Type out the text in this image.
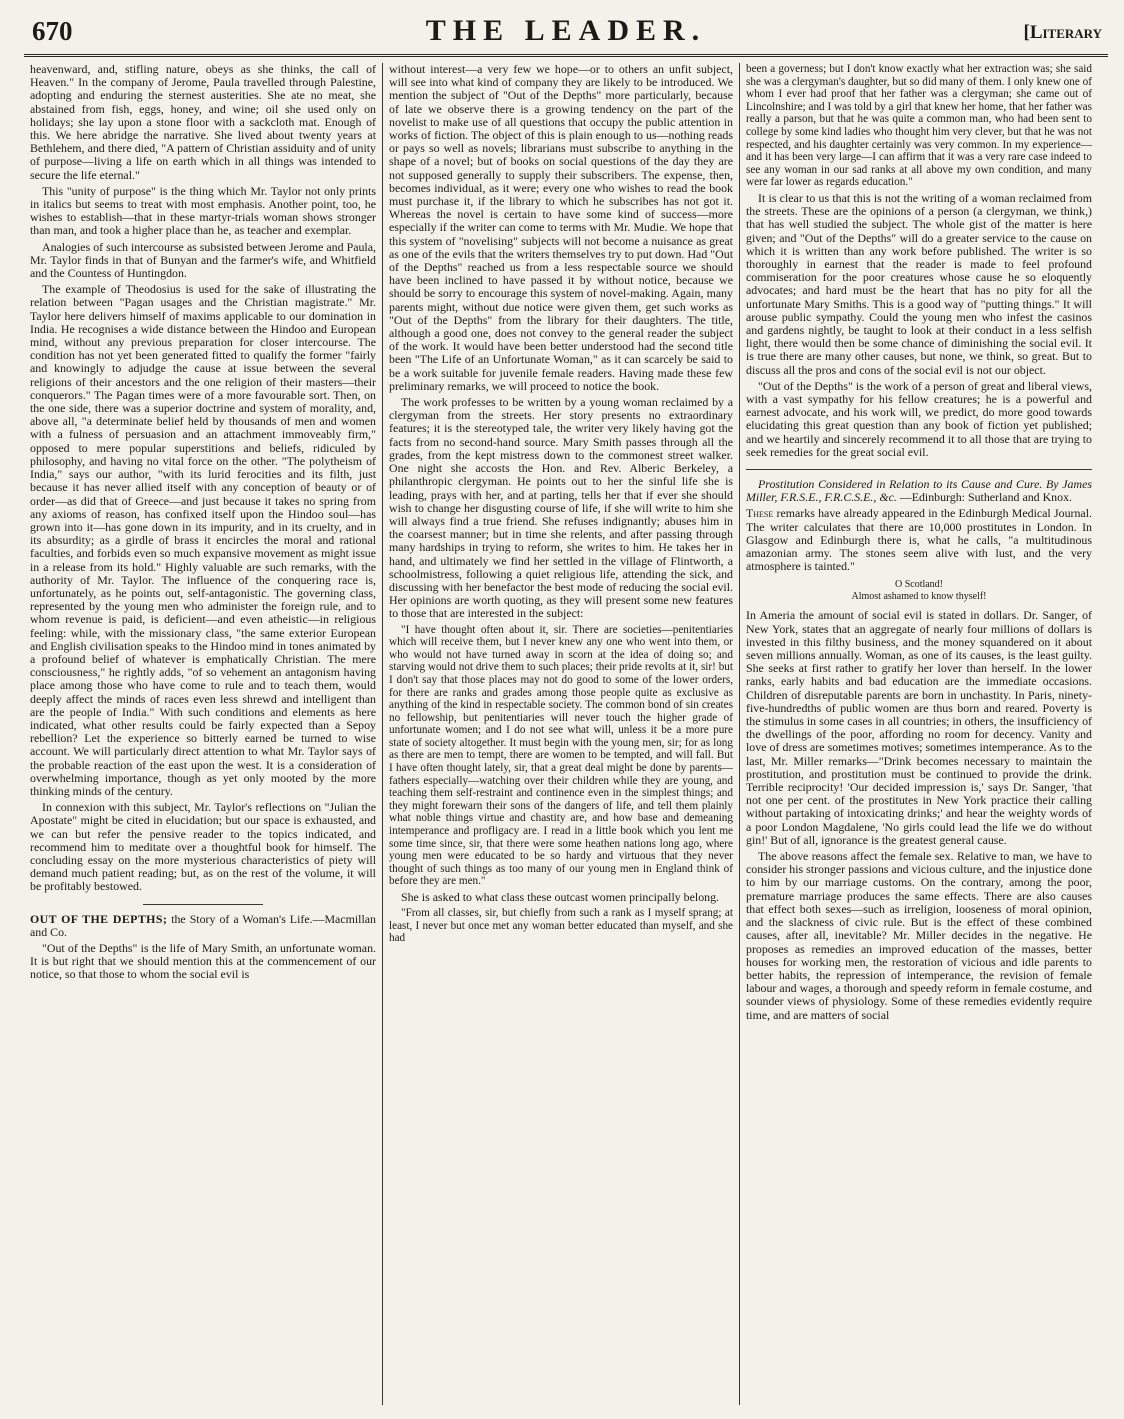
670	THE LEADER.	[Literary

heavenward, and, stifling nature, obeys as she thinks, the call of Heaven." In the company of Jerome, Paula travelled through Palestine, adopting and enduring the sternest austerities. She ate no meat, she abstained from fish, eggs, honey, and wine; oil she used only on holidays; she lay upon a stone floor with a sackcloth mat. Enough of this. We here abridge the narrative. She lived about twenty years at Bethlehem, and there died, "A pattern of Christian assiduity and of unity of purpose—living a life on earth which in all things was intended to secure the life eternal."

This "unity of purpose" is the thing which Mr. Taylor not only prints in italics but seems to treat with most emphasis. Another point, too, he wishes to establish—that in these martyr-trials woman shows stronger than man, and took a higher place than he, as teacher and exemplar.

Analogies of such intercourse as subsisted between Jerome and Paula, Mr. Taylor finds in that of Bunyan and the farmer's wife, and Whitfield and the Countess of Huntingdon.

The example of Theodosius is used for the sake of illustrating the relation between "Pagan usages and the Christian magistrate." Mr. Taylor here delivers himself of maxims applicable to our domination in India. He recognises a wide distance between the Hindoo and European mind, without any previous preparation for closer intercourse. The condition has not yet been generated fitted to qualify the former "fairly and knowingly to adjudge the cause at issue between the several religions of their ancestors and the one religion of their masters—their conquerors." The Pagan times were of a more favourable sort. Then, on the one side, there was a superior doctrine and system of morality, and, above all, "a determinate belief held by thousands of men and women with a fulness of persuasion and an attachment immoveably firm," opposed to mere popular superstitions and beliefs, ridiculed by philosophy, and having no vital force on the other. "The polytheism of India," says our author, "with its lurid ferocities and its filth, just because it has never allied itself with any conception of beauty or of order—as did that of Greece—and just because it takes no spring from any axioms of reason, has confixed itself upon the Hindoo soul—has grown into it—has gone down in its impurity, and in its cruelty, and in its absurdity; as a girdle of brass it encircles the moral and rational faculties, and forbids even so much expansive movement as might issue in a release from its hold." Highly valuable are such remarks, with the authority of Mr. Taylor. The influence of the conquering race is, unfortunately, as he points out, self-antagonistic. The governing class, represented by the young men who administer the foreign rule, and to whom revenue is paid, is deficient—and even atheistic—in religious feeling: while, with the missionary class, "the same exterior European and English civilisation speaks to the Hindoo mind in tones animated by a profound belief of whatever is emphatically Christian. The mere consciousness," he rightly adds, "of so vehement an antagonism having place among those who have come to rule and to teach them, would deeply affect the minds of races even less shrewd and intelligent than are the people of India." With such conditions and elements as here indicated, what other results could be fairly expected than a Sepoy rebellion? Let the experience so bitterly earned be turned to wise account. We will particularly direct attention to what Mr. Taylor says of the probable reaction of the east upon the west. It is a consideration of overwhelming importance, though as yet only mooted by the more thinking minds of the century.

In connexion with this subject, Mr. Taylor's reflections on "Julian the Apostate" might be cited in elucidation; but our space is exhausted, and we can but refer the pensive reader to the topics indicated, and recommend him to meditate over a thoughtful book for himself. The concluding essay on the more mysterious characteristics of piety will demand much patient reading; but, as on the rest of the volume, it will be profitably bestowed.

OUT OF THE DEPTHS; the Story of a Woman's Life.—Macmillan and Co.

"Out of the Depths" is the life of Mary Smith, an unfortunate woman. It is but right that we should mention this at the commencement of our notice, so that those to whom the social evil is

without interest—a very few we hope—or to others an unfit subject, will see into what kind of company they are likely to be introduced. We mention the subject of "Out of the Depths" more particularly, because of late we observe there is a growing tendency on the part of the novelist to make use of all questions that occupy the public attention in works of fiction. The object of this is plain enough to us—nothing reads or pays so well as novels; librarians must subscribe to anything in the shape of a novel; but of books on social questions of the day they are not supposed generally to supply their subscribers. The expense, then, becomes individual, as it were; every one who wishes to read the book must purchase it, if the library to which he subscribes has not got it. Whereas the novel is certain to have some kind of success—more especially if the writer can come to terms with Mr. Mudie. We hope that this system of "novelising" subjects will not become a nuisance as great as one of the evils that the writers themselves try to put down. Had "Out of the Depths" reached us from a less respectable source we should have been inclined to have passed it by without notice, because we should be sorry to encourage this system of novel-making. Again, many parents might, without due notice were given them, get such works as "Out of the Depths" from the library for their daughters. The title, although a good one, does not convey to the general reader the subject of the work. It would have been better understood had the second title been "The Life of an Unfortunate Woman," as it can scarcely be said to be a work suitable for juvenile female readers. Having made these few preliminary remarks, we will proceed to notice the book.

The work professes to be written by a young woman reclaimed by a clergyman from the streets. Her story presents no extraordinary features; it is the stereotyped tale, the writer very likely having got the facts from no second-hand source. Mary Smith passes through all the grades, from the kept mistress down to the commonest street walker. One night she accosts the Hon. and Rev. Alberic Berkeley, a philanthropic clergyman. He points out to her the sinful life she is leading, prays with her, and at parting, tells her that if ever she should wish to change her disgusting course of life, if she will write to him she will always find a true friend. She refuses indignantly; abuses him in the coarsest manner; but in time she relents, and after passing through many hardships in trying to reform, she writes to him. He takes her in hand, and ultimately we find her settled in the village of Flintworth, a schoolmistress, following a quiet religious life, attending the sick, and discussing with her benefactor the best mode of reducing the social evil. Her opinions are worth quoting, as they will present some new features to those that are interested in the subject:

"I have thought often about it, sir. There are societies—penitentiaries which will receive them, but I never knew any one who went into them, or who would not have turned away in scorn at the idea of doing so; and starving would not drive them to such places; their pride revolts at it, sir! but I don't say that those places may not do good to some of the lower orders, for there are ranks and grades among those people quite as exclusive as anything of the kind in respectable society. The common bond of sin creates no fellowship, but penitentiaries will never touch the higher grade of unfortunate women; and I do not see what will, unless it be a more pure state of society altogether. It must begin with the young men, sir; for as long as there are men to tempt, there are women to be tempted, and will fall. But I have often thought lately, sir, that a great deal might be done by parents—fathers especially—watching over their children while they are young, and teaching them self-restraint and continence even in the simplest things; and they might forewarn their sons of the dangers of life, and tell them plainly what noble things virtue and chastity are, and how base and demeaning intemperance and profligacy are. I read in a little book which you lent me some time since, sir, that there were some heathen nations long ago, where young men were educated to be so hardy and virtuous that they never thought of such things as too many of our young men in England think of before they are men."

She is asked to what class these outcast women principally belong.

"From all classes, sir, but chiefly from such a rank as I myself sprang; at least, I never but once met any woman better educated than myself, and she had

been a governess; but I don't know exactly what her extraction was; she said she was a clergyman's daughter, but so did many of them. I only knew one of whom I ever had proof that her father was a clergyman; she came out of Lincolnshire; and I was told by a girl that knew her home, that her father was really a parson, but that he was quite a common man, who had been sent to college by some kind ladies who thought him very clever, but that he was not respected, and his daughter certainly was very common. In my experience—and it has been very large—I can affirm that it was a very rare case indeed to see any woman in our sad ranks at all above my own condition, and many were far lower as regards education."

It is clear to us that this is not the writing of a woman reclaimed from the streets. These are the opinions of a person (a clergyman, we think,) that has well studied the subject. The whole gist of the matter is here given; and "Out of the Depths" will do a greater service to the cause on which it is written than any work before published. The writer is so thoroughly in earnest that the reader is made to feel profound commiseration for the poor creatures whose cause he so eloquently advocates; and hard must be the heart that has no pity for all the unfortunate Mary Smiths. This is a good way of "putting things." It will arouse public sympathy. Could the young men who infest the casinos and gardens nightly, be taught to look at their conduct in a less selfish light, there would then be some chance of diminishing the social evil. It is true there are many other causes, but none, we think, so great. But to discuss all the pros and cons of the social evil is not our object.

"Out of the Depths" is the work of a person of great and liberal views, with a vast sympathy for his fellow creatures; he is a powerful and earnest advocate, and his work will, we predict, do more good towards elucidating this great question than any book of fiction yet published; and we heartily and sincerely recommend it to all those that are trying to seek remedies for the great social evil.

Prostitution Considered in Relation to its Cause and Cure. By James Miller, F.R.S.E., F.R.C.S.E., &c. —Edinburgh: Sutherland and Knox.

These remarks have already appeared in the Edinburgh Medical Journal. The writer calculates that there are 10,000 prostitutes in London. In Glasgow and Edinburgh there is, what he calls, "a multitudinous amazonian army. The stones seem alive with lust, and the very atmosphere is tainted."

O Scotland!
Almost ashamed to know thyself!

In Ameria the amount of social evil is stated in dollars. Dr. Sanger, of New York, states that an aggregate of nearly four millions of dollars is invested in this filthy business, and the money squandered on it about seven millions annually. Woman, as one of its causes, is the least guilty. She seeks at first rather to gratify her lover than herself. In the lower ranks, early habits and bad education are the immediate occasions. Children of disreputable parents are born in unchastity. In Paris, ninety-five-hundredths of public women are thus born and reared. Poverty is the stimulus in some cases in all countries; in others, the insufficiency of the dwellings of the poor, affording no room for decency. Vanity and love of dress are sometimes motives; sometimes intemperance. As to the last, Mr. Miller remarks—"Drink becomes necessary to maintain the prostitution, and prostitution must be continued to provide the drink. Terrible reciprocity! 'Our decided impression is,' says Dr. Sanger, 'that not one per cent. of the prostitutes in New York practice their calling without partaking of intoxicating drinks;' and hear the weighty words of a poor London Magdalene, 'No girls could lead the life we do without gin!' But of all, ignorance is the greatest general cause.

The above reasons affect the female sex. Relative to man, we have to consider his stronger passions and vicious culture, and the injustice done to him by our marriage customs. On the contrary, among the poor, premature marriage produces the same effects. There are also causes that effect both sexes—such as irreligion, looseness of moral opinion, and the slackness of civic rule. But is the effect of these combined causes, after all, inevitable? Mr. Miller decides in the negative. He proposes as remedies an improved education of the masses, better houses for working men, the restoration of vicious and idle parents to better habits, the repression of intemperance, the revision of female labour and wages, a thorough and speedy reform in female costume, and sounder views of physiology. Some of these remedies evidently require time, and are matters of social
